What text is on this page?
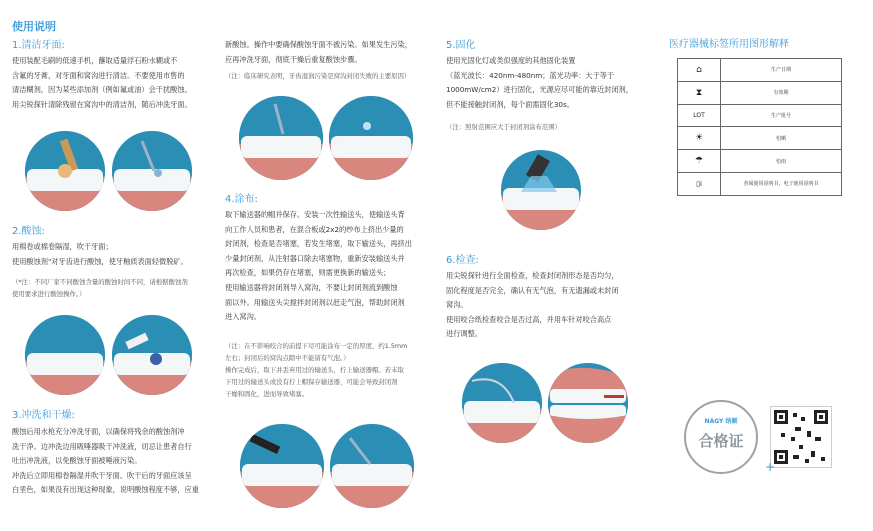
使用说明
1.清洁牙面:
使用装配毛刷的低速手机，蘸取适量浮石粉水糊或不
含氟的牙膏，对牙面和窝沟进行清洁。不要使用市售的
清洁糊剂，因为某些添加剂（例如氟或油）会干扰酸蚀。
用尖锐探针清除残留在窝沟中的清洁剂，随后冲洗牙面。
2.酸蚀:
用棉卷或棉卷隔湿，吹干牙面；
使用酸蚀剂"对牙齿进行酸蚀，使牙釉质表面轻微脱矿。
（*注：不同厂家不同酸蚀含量的酸蚀时间不同，请根据酸蚀剂
使用要求进行酸蚀操作。）
3.冲洗和干燥:
酸蚀后用水枪充分冲洗牙面，以确保将残余的酸蚀剂冲
洗干净。边冲洗边用吸唾器吸干冲洗液，切忌让患者自行
吐出冲洗液，以免酸蚀牙面被唾液污染。
冲洗后立即用棉卷隔湿并吹干牙面。吹干后的牙面应该呈
白垩色，如果没有出现这种现象，说明酸蚀程度不够，应重
新酸蚀。操作中要确保酸蚀牙面不被污染。如果发生污染，
应再冲洗牙面，彻底干燥后重复酸蚀步骤。
（注：临床研究表明，牙齿湿润污染是窝沟封闭失败的主要原因）
4.涂布:
取下输送器的帽并保存。安装一次性输送头，使输送头背
向工作人员和患者，在混合板或2x2的纱布上挤出少量的
封闭剂，检查是否堵塞，若发生堵塞，取下输送头，再挤出
少量封闭剂，从注射器口除去堵塞物，重新安装输送头并
再次检查，如果仍存在堵塞，则需更换新的输送头；
使用输送器将封闭剂导入窝沟，不要让封闭剂流到酸蚀
面以外。用输送头尖搅拌封闭剂以赶走气泡，帮助封闭剂
进入窝沟。
（注：在不影响咬合的前提下尽可能涂布一定的厚度，约1.5mm
左右；封闭后的窝沟点隙中不能留有气泡。）
操作完成后，取下并丢弃用过的输送头，拧上输送器帽。若未取
下用过的输送头或没有拧上帽保存输送器，可能会导致封闭剂
干燥和固化，进而导致堵塞。
5.固化
使用光固化灯或类似强度的其他固化装置
（蓝光波长：420nm-480nm；蓝光功率：大于等于
1000mW/cm2）进行固化，光源应尽可能的靠近封闭剂，
但不能接触封闭剂，每个面需固化30s。
（注：照射范围应大于封闭剂涂布范围）
6.检查:
用尖锐探针进行全面检查，检查封闭剂形态是否均匀，
固化程度是否完全，确认有无气泡，有无遗漏或未封闭
窝沟。
使用咬合纸检查咬合是否过高，并用车针对咬合高点
进行调整。
医疗器械标签所用图形解释
⌂	生产日期
⧗	有效期
LOT	生产批号
☀	怕晒
☂	怕雨
▯i	查阅使用说明书，电子使用说明书
NAGY 纳颖
合格证
+
